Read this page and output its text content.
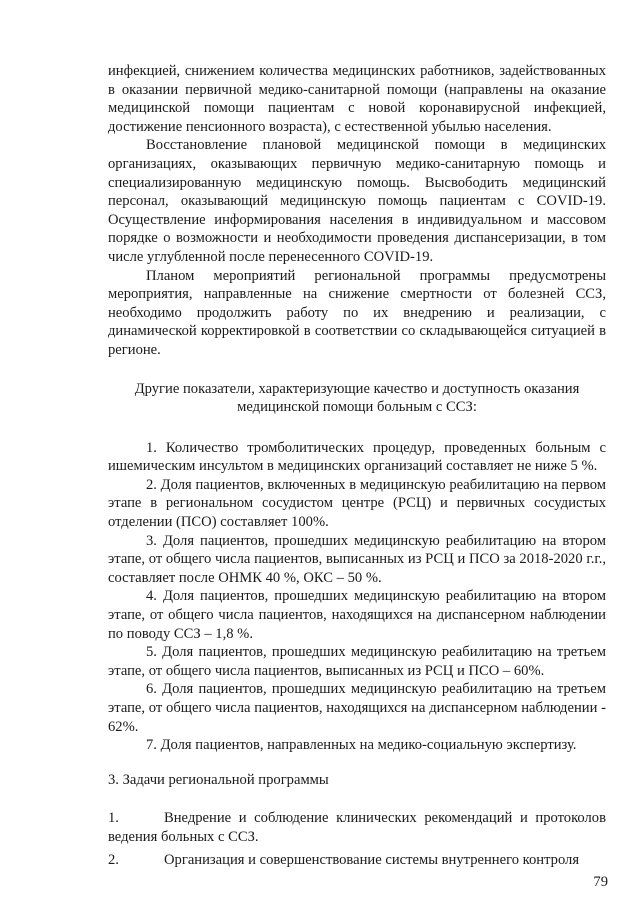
инфекцией, снижением количества медицинских работников, задействованных в оказании первичной медико-санитарной помощи (направлены на оказание медицинской помощи пациентам с новой коронавирусной инфекцией, достижение пенсионного возраста), с естественной убылью населения.

Восстановление плановой медицинской помощи в медицинских организациях, оказывающих первичную медико-санитарную помощь и специализированную медицинскую помощь. Высвободить медицинский персонал, оказывающий медицинскую помощь пациентам с COVID-19. Осуществление информирования населения в индивидуальном и массовом порядке о возможности и необходимости проведения диспансеризации, в том числе углубленной после перенесенного COVID-19.

Планом мероприятий региональной программы предусмотрены мероприятия, направленные на снижение смертности от болезней ССЗ, необходимо продолжить работу по их внедрению и реализации, с динамической корректировкой в соответствии со складывающейся ситуацией в регионе.

Другие показатели, характеризующие качество и доступность оказания медицинской помощи больным с ССЗ:

1. Количество тромболитических процедур, проведенных больным с ишемическим инсультом в медицинских организаций составляет не ниже 5 %.

2. Доля пациентов, включенных в медицинскую реабилитацию на первом этапе в региональном сосудистом центре (РСЦ) и первичных сосудистых отделении (ПСО) составляет 100%.

3. Доля пациентов, прошедших медицинскую реабилитацию на втором этапе, от общего числа пациентов, выписанных из РСЦ и ПСО за 2018-2020 г.г., составляет после ОНМК 40 %, ОКС – 50 %.

4. Доля пациентов, прошедших медицинскую реабилитацию на втором этапе, от общего числа пациентов, находящихся на диспансерном наблюдении по поводу ССЗ – 1,8 %.

5. Доля пациентов, прошедших медицинскую реабилитацию на третьем этапе, от общего числа пациентов, выписанных из РСЦ и ПСО – 60%.

6. Доля пациентов, прошедших медицинскую реабилитацию на третьем этапе, от общего числа пациентов, находящихся на диспансерном наблюдении - 62%.

7. Доля пациентов, направленных на медико-социальную экспертизу.

3. Задачи региональной программы

1.	Внедрение и соблюдение клинических рекомендаций и протоколов ведения больных с ССЗ.

2.	Организация и совершенствование системы внутреннего контроля

79
